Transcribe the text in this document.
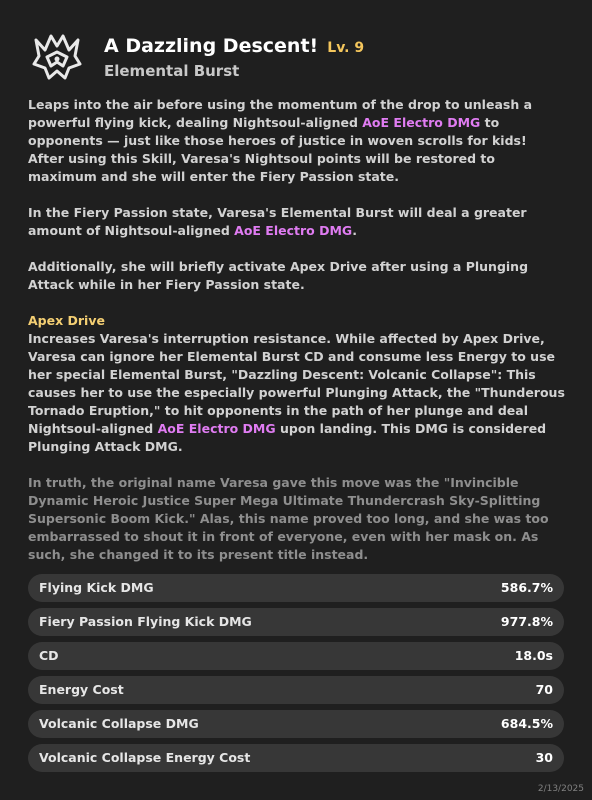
A Dazzling Descent! Lv. 9
Elemental Burst

Leaps into the air before using the momentum of the drop to unleash a powerful flying kick, dealing Nightsoul-aligned AoE Electro DMG to opponents — just like those heroes of justice in woven scrolls for kids!

After using this Skill, Varesa's Nightsoul points will be restored to maximum and she will enter the Fiery Passion state.

In the Fiery Passion state, Varesa's Elemental Burst will deal a greater amount of Nightsoul-aligned AoE Electro DMG.

Additionally, she will briefly activate Apex Drive after using a Plunging Attack while in her Fiery Passion state.

Apex Drive

Increases Varesa's interruption resistance. While affected by Apex Drive, Varesa can ignore her Elemental Burst CD and consume less Energy to use her special Elemental Burst, "Dazzling Descent: Volcanic Collapse": This causes her to use the especially powerful Plunging Attack, the "Thunderous Tornado Eruption," to hit opponents in the path of her plunge and deal Nightsoul-aligned AoE Electro DMG upon landing. This DMG is considered Plunging Attack DMG.

In truth, the original name Varesa gave this move was the "Invincible Dynamic Heroic Justice Super Mega Ultimate Thundercrash Sky-Splitting Supersonic Boom Kick." Alas, this name proved too long, and she was too embarrassed to shout it in front of everyone, even with her mask on. As such, she changed it to its present title instead.

Flying Kick DMG	586.7%
Fiery Passion Flying Kick DMG	977.8%
CD	18.0s
Energy Cost	70
Volcanic Collapse DMG	684.5%
Volcanic Collapse Energy Cost	30
2/13/2025
